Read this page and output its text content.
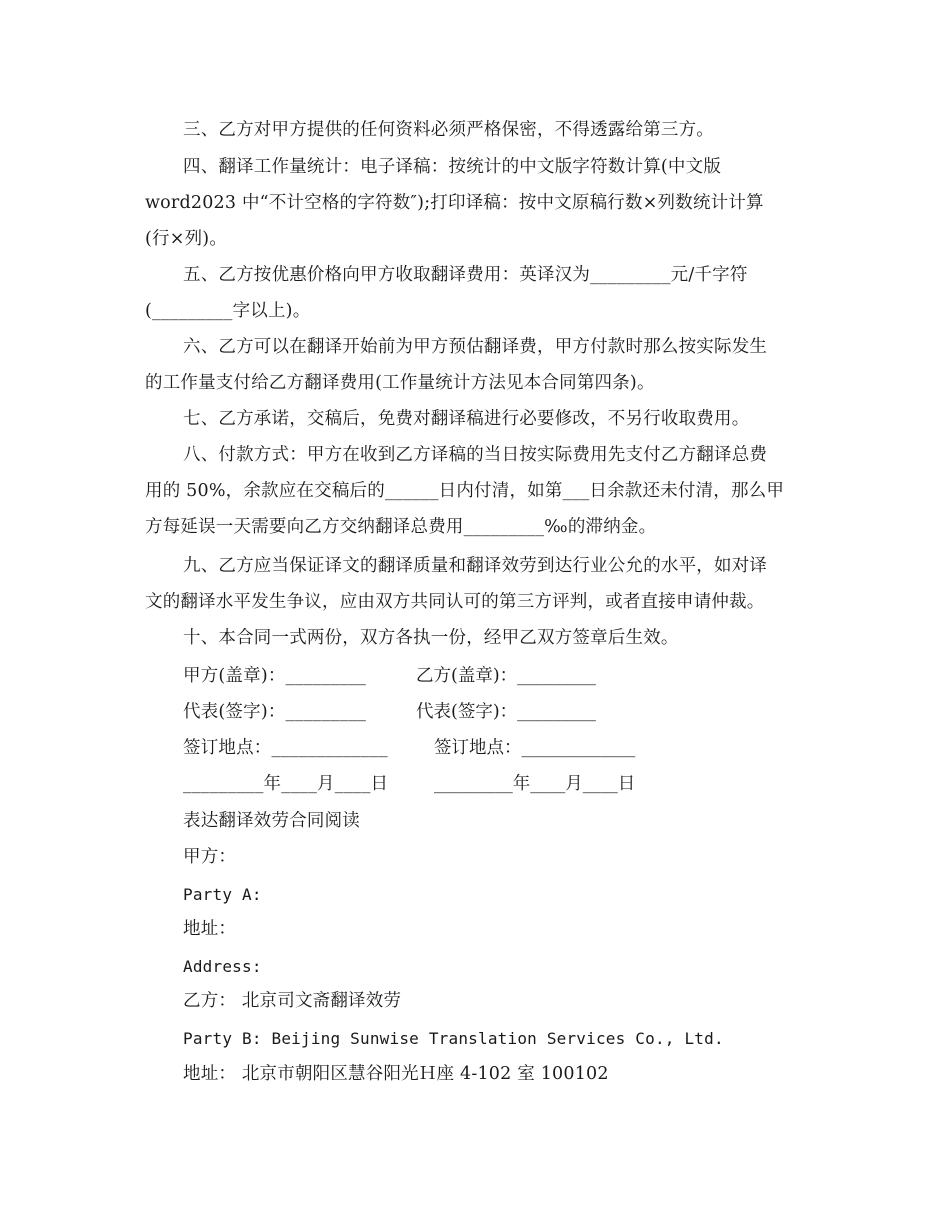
三、乙方对甲方提供的任何资料必须严格保密，不得透露给第三方。
四、翻译工作量统计：电子译稿：按统计的中文版字符数计算(中文版
word2023 中“不计空格的字符数″);打印译稿：按中文原稿行数×列数统计计算
(行×列)。
五、乙方按优惠价格向甲方收取翻译费用：英译汉为_________元/千字符
(_________字以上)。
六、乙方可以在翻译开始前为甲方预估翻译费，甲方付款时那么按实际发生
的工作量支付给乙方翻译费用(工作量统计方法见本合同第四条)。
七、乙方承诺，交稿后，免费对翻译稿进行必要修改，不另行收取费用。
八、付款方式：甲方在收到乙方译稿的当日按实际费用先支付乙方翻译总费
用的 50%，余款应在交稿后的______日内付清，如第___日余款还未付清，那么甲
方每延误一天需要向乙方交纳翻译总费用_________‰的滞纳金。
九、乙方应当保证译文的翻译质量和翻译效劳到达行业公允的水平，如对译
文的翻译水平发生争议，应由双方共同认可的第三方评判，或者直接申请仲裁。
十、本合同一式两份，双方各执一份，经甲乙双方签章后生效。
甲方(盖章)：_________	乙方(盖章)：_________
代表(签字)：_________	代表(签字)：_________
签订地点：_____________	签订地点：_____________
_________年____月____日	_________年____月____日
表达翻译效劳合同阅读
甲方：
Party A:
地址：
Address:
乙方： 北京司文斋翻译效劳
Party B: Beijing Sunwise Translation Services Co., Ltd.
地址： 北京市朝阳区慧谷阳光Ｈ座 4-102 室 100102
